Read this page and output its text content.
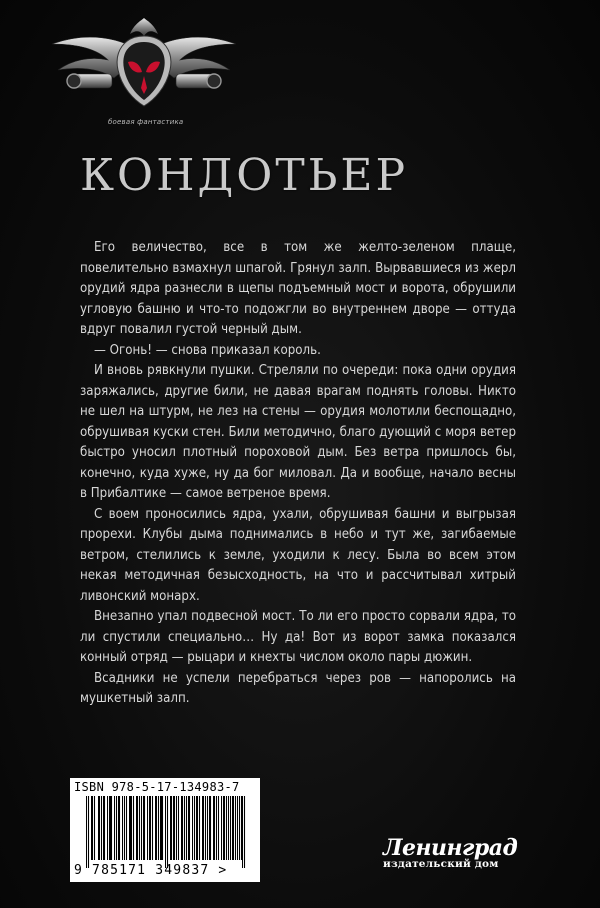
боевая фантастика
КОНДОТЬЕР

Его величество, все в том же желто-зеленом плаще, повелительно взмахнул шпагой. Грянул залп. Вырвавшиеся из жерл орудий ядра разнесли в щепы подъемный мост и ворота, обрушили угловую башню и что-то подожгли во внутреннем дворе — оттуда вдруг повалил густой черный дым.

— Огонь! — снова приказал король.

И вновь рявкнули пушки. Стреляли по очереди: пока одни орудия заряжались, другие били, не давая врагам поднять головы. Никто не шел на штурм, не лез на стены — орудия молотили беспощадно, обрушивая куски стен. Били методично, благо дующий с моря ветер быстро уносил плотный пороховой дым. Без ветра пришлось бы, конечно, куда хуже, ну да бог миловал. Да и вообще, начало весны в Прибалтике — самое ветреное время.

С воем проносились ядра, ухали, обрушивая башни и выгрызая прорехи. Клубы дыма поднимались в небо и тут же, загибаемые ветром, стелились к земле, уходили к лесу. Была во всем этом некая методичная безысходность, на что и рассчитывал хитрый ливонский монарх.

Внезапно упал подвесной мост. То ли его просто сорвали ядра, то ли спустили специально… Ну да! Вот из ворот замка показался конный отряд — рыцари и кнехты числом около пары дюжин.

Всадники не успели перебраться через ров — напоролись на мушкетный залп.

ISBN 978-5-17-134983-7
9 785171 349837 >
Ленинград
издательский дом
